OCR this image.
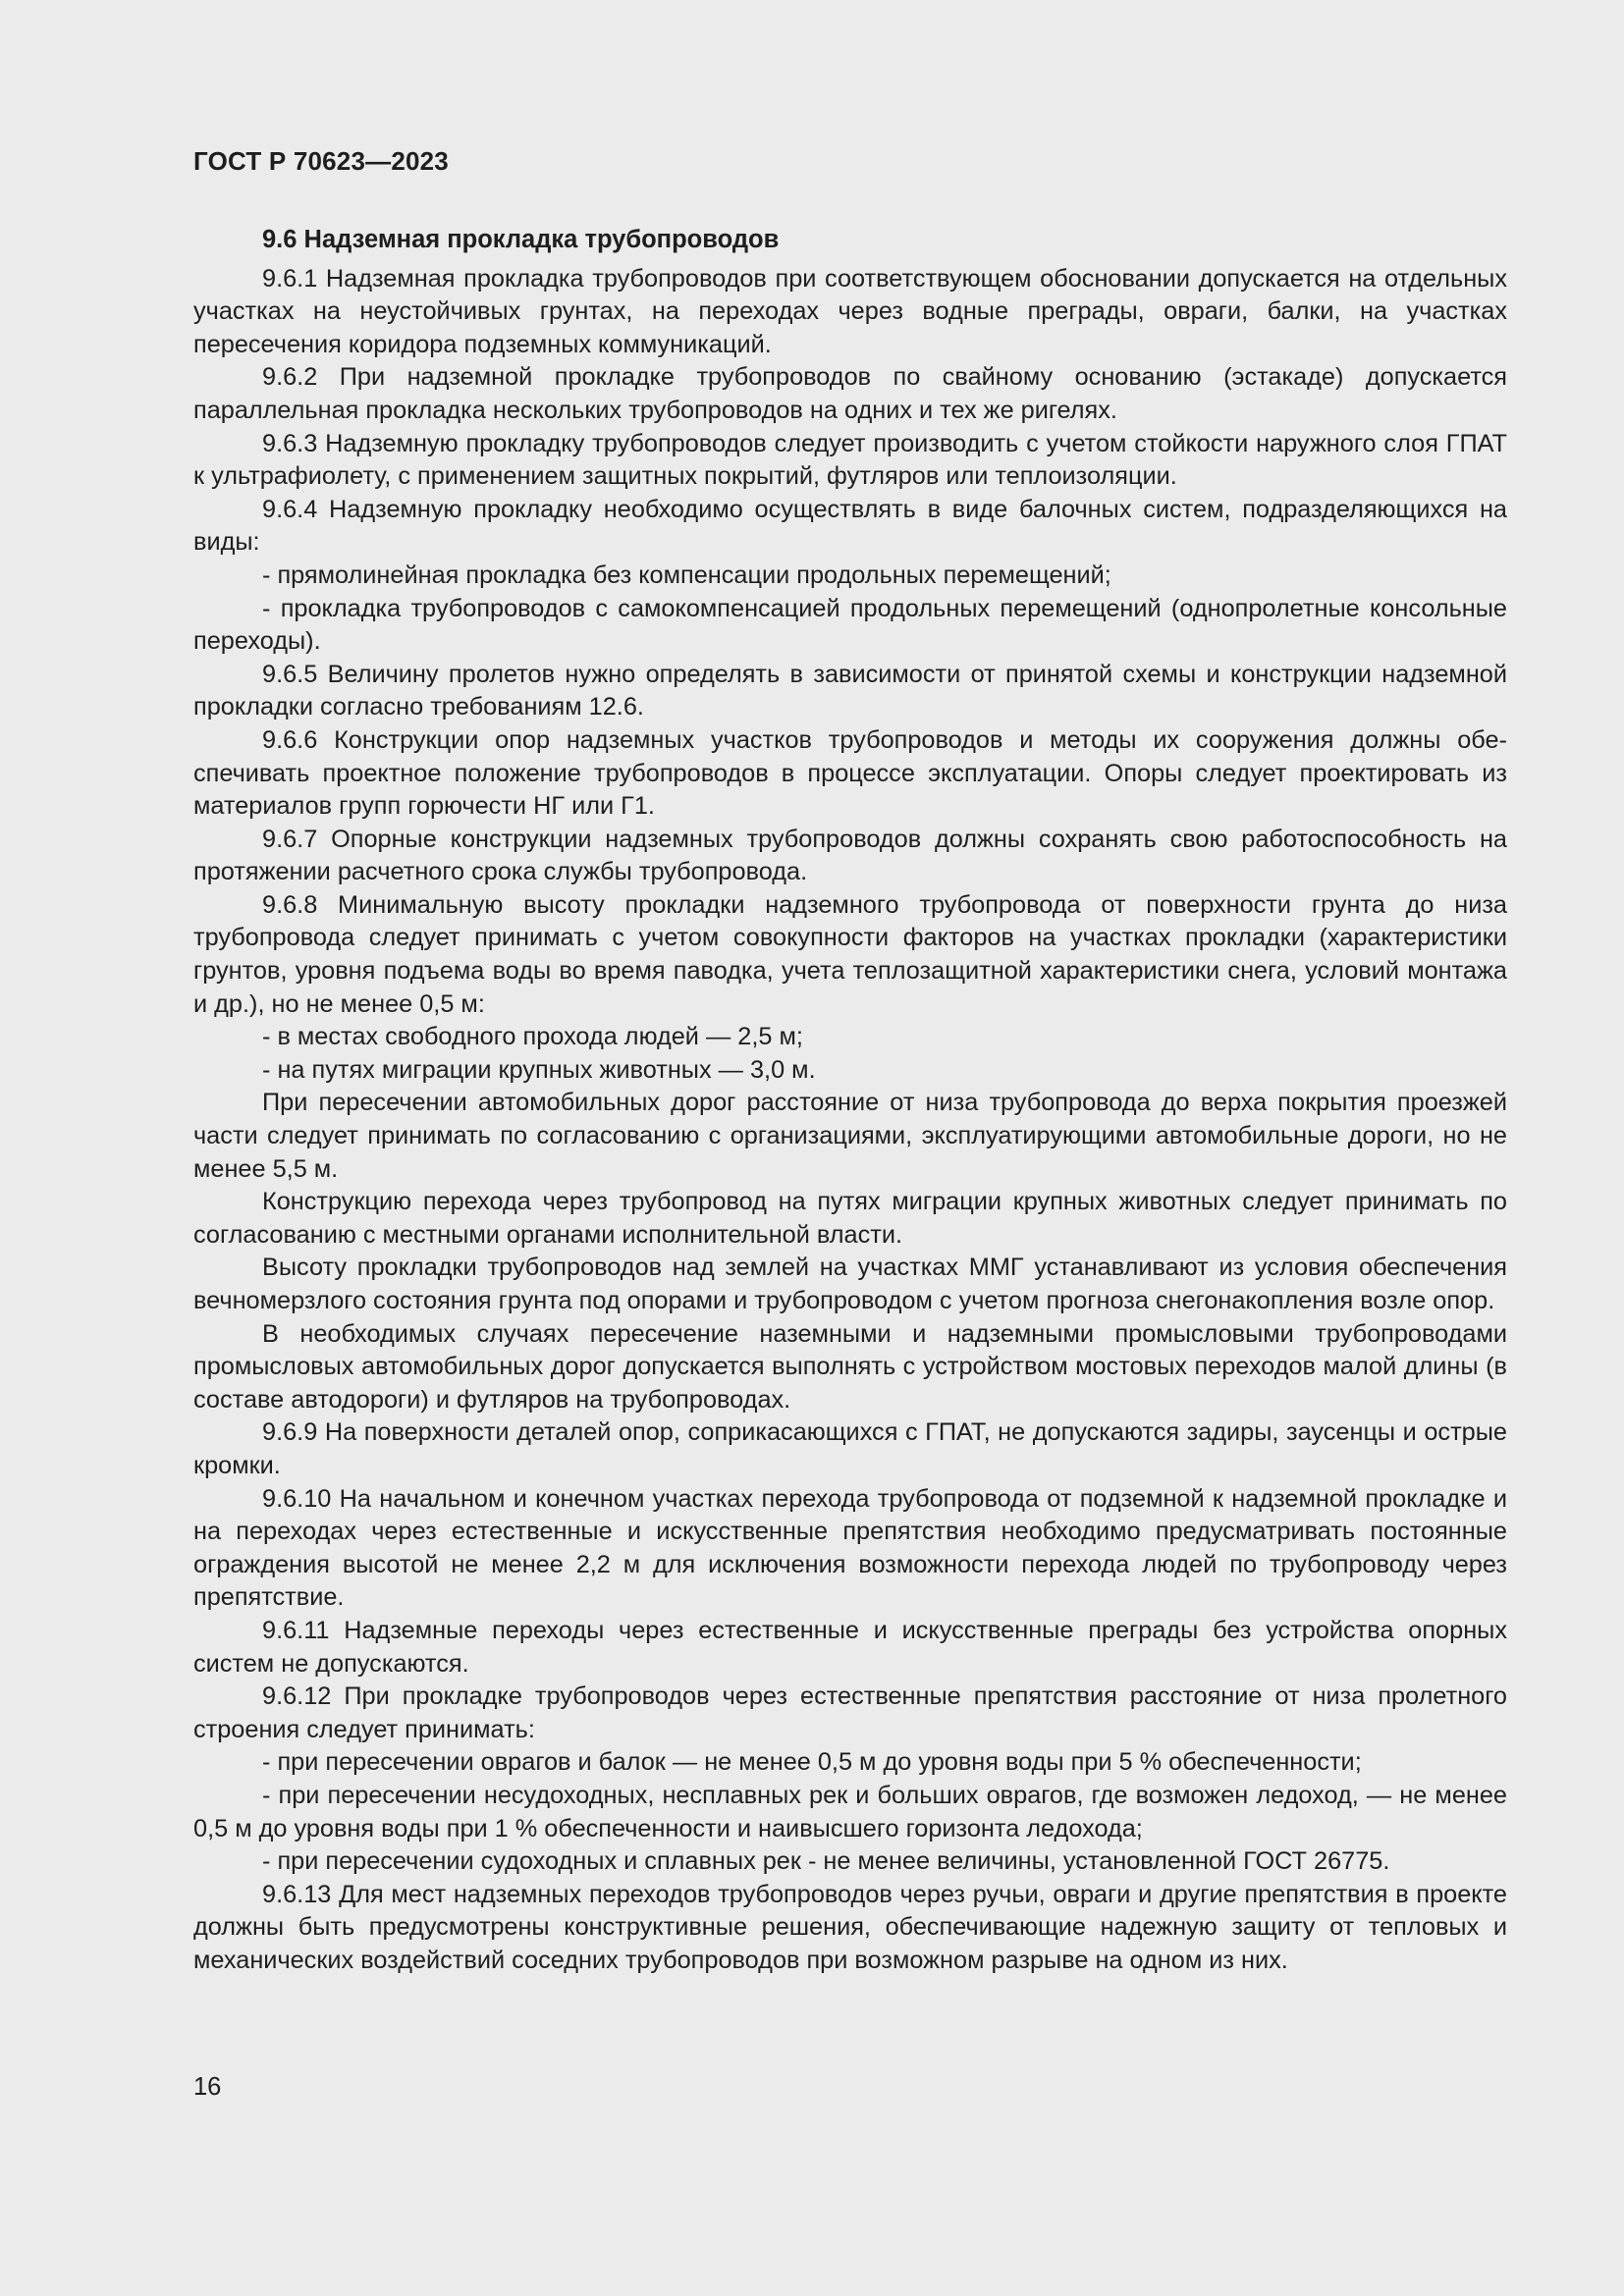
ГОСТ Р 70623—2023
9.6 Надземная прокладка трубопроводов

9.6.1 Надземная прокладка трубопроводов при соответствующем обосновании допускается на отдельных участках на неустойчивых грунтах, на переходах через водные преграды, овраги, балки, на участках пересечения коридора подземных коммуникаций.

9.6.2 При надземной прокладке трубопроводов по свайному основанию (эстакаде) допускается параллельная прокладка нескольких трубопроводов на одних и тех же ригелях.

9.6.3 Надземную прокладку трубопроводов следует производить с учетом стойкости наружного слоя ГПАТ к ультрафиолету, с применением защитных покрытий, футляров или теплоизоляции.

9.6.4 Надземную прокладку необходимо осуществлять в виде балочных систем, подразделяющихся на виды:

- прямолинейная прокладка без компенсации продольных перемещений;

- прокладка трубопроводов с самокомпенсацией продольных перемещений (однопролетные консольные переходы).

9.6.5 Величину пролетов нужно определять в зависимости от принятой схемы и конструкции надземной прокладки согласно требованиям 12.6.

9.6.6 Конструкции опор надземных участков трубопроводов и методы их сооружения должны обеспечивать проектное положение трубопроводов в процессе эксплуатации. Опоры следует проектировать из материалов групп горючести НГ или Г1.

9.6.7 Опорные конструкции надземных трубопроводов должны сохранять свою работоспособность на протяжении расчетного срока службы трубопровода.

9.6.8 Минимальную высоту прокладки надземного трубопровода от поверхности грунта до низа трубопровода следует принимать с учетом совокупности факторов на участках прокладки (характеристики грунтов, уровня подъема воды во время паводка, учета теплозащитной характеристики снега, условий монтажа и др.), но не менее 0,5 м:

- в местах свободного прохода людей — 2,5 м;

- на путях миграции крупных животных — 3,0 м.

При пересечении автомобильных дорог расстояние от низа трубопровода до верха покрытия проезжей части следует принимать по согласованию с организациями, эксплуатирующими автомобильные дороги, но не менее 5,5 м.

Конструкцию перехода через трубопровод на путях миграции крупных животных следует принимать по согласованию с местными органами исполнительной власти.

Высоту прокладки трубопроводов над землей на участках ММГ устанавливают из условия обеспечения вечномерзлого состояния грунта под опорами и трубопроводом с учетом прогноза снегонакопления возле опор.

В необходимых случаях пересечение наземными и надземными промысловыми трубопроводами промысловых автомобильных дорог допускается выполнять с устройством мостовых переходов малой длины (в составе автодороги) и футляров на трубопроводах.

9.6.9 На поверхности деталей опор, соприкасающихся с ГПАТ, не допускаются задиры, заусенцы и острые кромки.

9.6.10 На начальном и конечном участках перехода трубопровода от подземной к надземной прокладке и на переходах через естественные и искусственные препятствия необходимо предусматривать постоянные ограждения высотой не менее 2,2 м для исключения возможности перехода людей по трубопроводу через препятствие.

9.6.11 Надземные переходы через естественные и искусственные преграды без устройства опорных систем не допускаются.

9.6.12 При прокладке трубопроводов через естественные препятствия расстояние от низа пролетного строения следует принимать:

- при пересечении оврагов и балок — не менее 0,5 м до уровня воды при 5 % обеспеченности;

- при пересечении несудоходных, несплавных рек и больших оврагов, где возможен ледоход, — не менее 0,5 м до уровня воды при 1 % обеспеченности и наивысшего горизонта ледохода;

- при пересечении судоходных и сплавных рек - не менее величины, установленной ГОСТ 26775.

9.6.13 Для мест надземных переходов трубопроводов через ручьи, овраги и другие препятствия в проекте должны быть предусмотрены конструктивные решения, обеспечивающие надежную защиту от тепловых и механических воздействий соседних трубопроводов при возможном разрыве на одном из них.

16
